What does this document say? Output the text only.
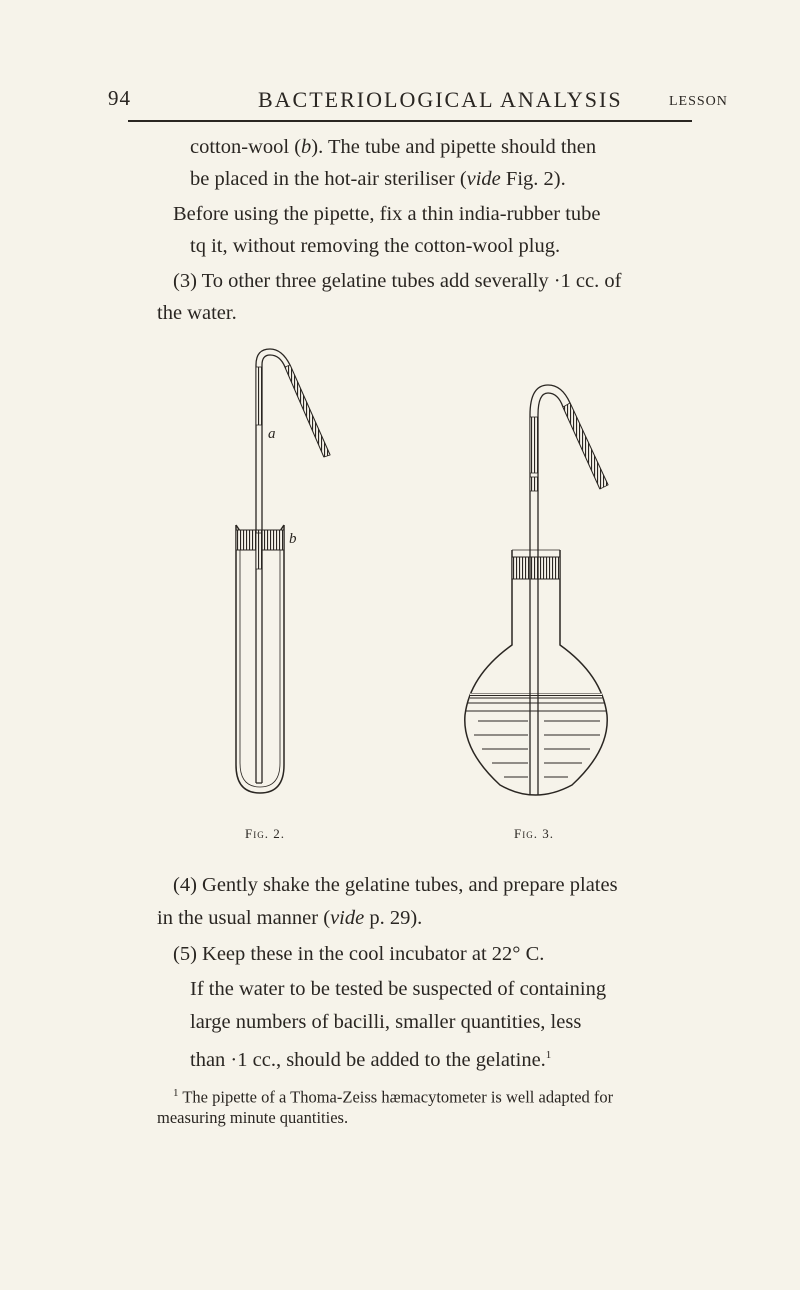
94	BACTERIOLOGICAL ANALYSIS	LESSON
cotton-wool (b). The tube and pipette should then
be placed in the hot-air steriliser (vide Fig. 2).
Before using the pipette, fix a thin india-rubber tube
tq it, without removing the cotton-wool plug.
(3) To other three gelatine tubes add severally ·1 cc. of
the water.
a
b
Fig. 2.	Fig. 3.
(4) Gently shake the gelatine tubes, and prepare plates
in the usual manner (vide p. 29).
(5) Keep these in the cool incubator at 22° C.
If the water to be tested be suspected of containing
large numbers of bacilli, smaller quantities, less
than ·1 cc., should be added to the gelatine.$^1$
$^1$ The pipette of a Thoma-Zeiss hæmacytometer is well adapted for
measuring minute quantities.
